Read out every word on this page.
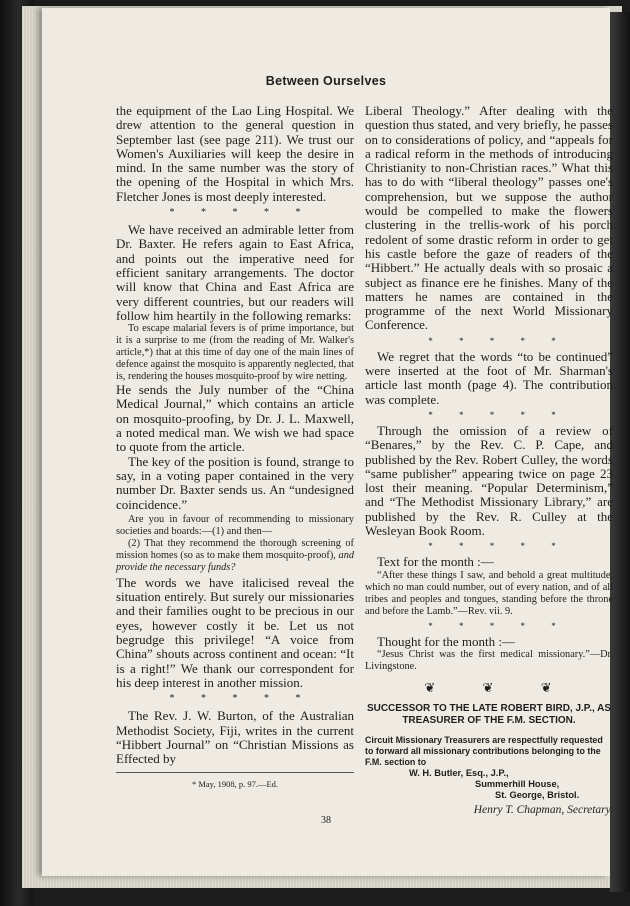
Between Ourselves

the equipment of the Lao Ling Hospital. We drew attention to the general question in September last (see page 211). We trust our Women's Auxiliaries will keep the desire in mind. In the same number was the story of the opening of the Hospital in which Mrs. Fletcher Jones is most deeply interested.

* * * * *

We have received an admirable letter from Dr. Baxter. He refers again to East Africa, and points out the imperative need for efficient sanitary arrangements. The doctor will know that China and East Africa are very different countries, but our readers will follow him heartily in the following remarks:

To escape malarial fevers is of prime importance, but it is a surprise to me (from the reading of Mr. Walker's article,*) that at this time of day one of the main lines of defence against the mosquito is apparently neglected, that is, rendering the houses mosquito-proof by wire netting.

He sends the July number of the “China Medical Journal,” which contains an article on mosquito-proofing, by Dr. J. L. Maxwell, a noted medical man. We wish we had space to quote from the article.

The key of the position is found, strange to say, in a voting paper contained in the very number Dr. Baxter sends us. An “undesigned coincidence.”

Are you in favour of recommending to missionary societies and boards:—(1) and then—

(2) That they recommend the thorough screening of mission homes (so as to make them mosquito-proof), and provide the necessary funds?

The words we have italicised reveal the situation entirely. But surely our missionaries and their families ought to be precious in our eyes, however costly it be. Let us not begrudge this privilege! “A voice from China” shouts across continent and ocean: “It is a right!” We thank our correspondent for his deep interest in another mission.

* * * * *

The Rev. J. W. Burton, of the Australian Methodist Society, Fiji, writes in the current “Hibbert Journal” on “Christian Missions as Effected by

* May, 1908, p. 97.—Ed.

Liberal Theology.” After dealing with the question thus stated, and very briefly, he passes on to considerations of policy, and “appeals for a radical reform in the methods of introducing Christianity to non-Christian races.” What this has to do with “liberal theology” passes one's comprehension, but we suppose the author would be compelled to make the flowers clustering in the trellis-work of his porch redolent of some drastic reform in order to get his castle before the gaze of readers of the “Hibbert.” He actually deals with so prosaic a subject as finance ere he finishes. Many of the matters he names are contained in the programme of the next World Missionary Conference.

* * * * *

We regret that the words “to be continued” were inserted at the foot of Mr. Sharman's article last month (page 4). The contribution was complete.

* * * * *

Through the omission of a review of “Benares,” by the Rev. C. P. Cape, and published by the Rev. Robert Culley, the words “same publisher” appearing twice on page 23 lost their meaning. “Popular Determinism,” and “The Methodist Missionary Library,” are published by the Rev. R. Culley at the Wesleyan Book Room.

* * * * *

Text for the month :—

“After these things I saw, and behold a great multitude, which no man could number, out of every nation, and of all tribes and peoples and tongues, standing before the throne and before the Lamb.”—Rev. vii. 9.

* * * * *

Thought for the month :—

“Jesus Christ was the first medical missionary.”—Dr. Livingstone.

❦ ❦ ❦
SUCCESSOR TO THE LATE ROBERT BIRD, J.P., AS TREASURER OF THE F.M. SECTION.
Circuit Missionary Treasurers are respectfully requested to forward all missionary contributions belonging to the F.M. section to
W. H. Butler, Esq., J.P.,
Summerhill House,
St. George, Bristol.
Henry T. Chapman, Secretary.
38
